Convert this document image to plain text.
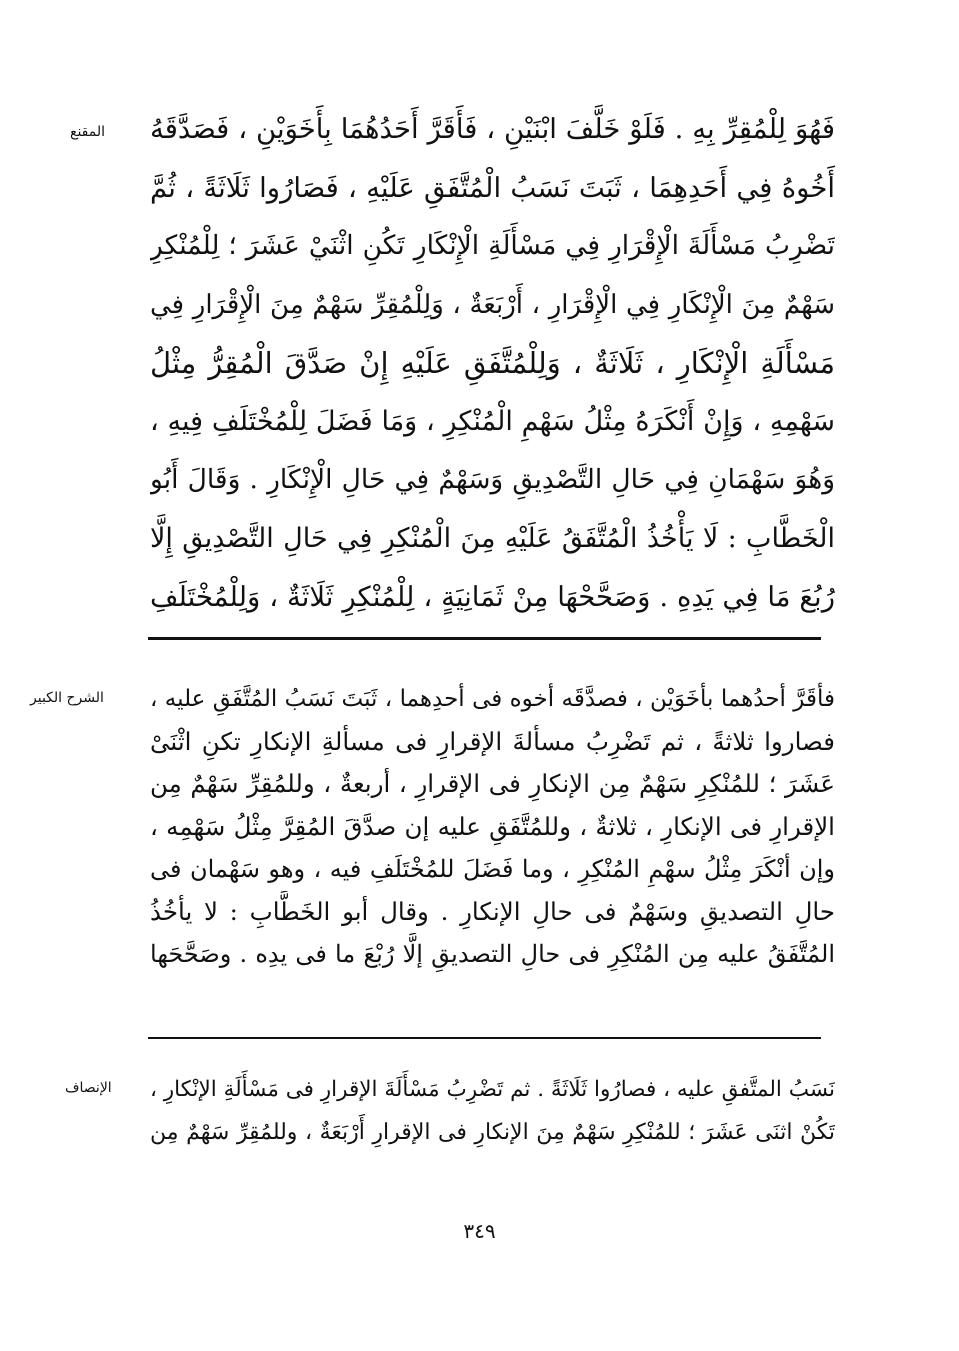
المقنع فَهُوَ لِلْمُقِرِّ بِهِ . فَلَوْ خَلَّفَ ابْنَيْنِ ، فَأَقَرَّ أَحَدُهُمَا بِأَخَوَيْنِ ، فَصَدَّقَهُ
أَخُوهُ فِي أَحَدِهِمَا ، ثَبَتَ نَسَبُ الْمُتَّفَقِ عَلَيْهِ ، فَصَارُوا ثَلَاثَةً ، ثُمَّ
تَضْرِبُ مَسْأَلَةَ الْإِقْرَارِ فِي مَسْأَلَةِ الْإِنْكَارِ تَكُنِ اثْنَيْ عَشَرَ ؛ لِلْمُنْكِرِ
سَهْمٌ مِنَ الْإِنْكَارِ فِي الْإِقْرَارِ ، أَرْبَعَةٌ ، وَلِلْمُقِرِّ سَهْمٌ مِنَ الْإِقْرَارِ فِي
مَسْأَلَةِ الْإِنْكَارِ ، ثَلَاثَةٌ ، وَلِلْمُتَّفَقِ عَلَيْهِ إِنْ صَدَّقَ الْمُقِرُّ مِثْلُ
سَهْمِهِ ، وَإِنْ أَنْكَرَهُ مِثْلُ سَهْمِ الْمُنْكِرِ ، وَمَا فَضَلَ لِلْمُخْتَلَفِ فِيهِ ،
وَهُوَ سَهْمَانِ فِي حَالِ التَّصْدِيقِ وَسَهْمٌ فِي حَالِ الْإِنْكَارِ . وَقَالَ أَبُو
الْخَطَّابِ : لَا يَأْخُذُ الْمُتَّفَقُ عَلَيْهِ مِنَ الْمُنْكِرِ فِي حَالِ التَّصْدِيقِ إِلَّا
رُبُعَ مَا فِي يَدِهِ . وَصَحَّحْهَا مِنْ ثَمَانِيَةٍ ، لِلْمُنْكِرِ ثَلَاثَةٌ ، وَلِلْمُخْتَلَفِ
الشرح الكبير فأقَرَّ أحدُهما بأخَوَيْن ، فصدَّقَه أخوه فى أحدِهما ، ثَبَتَ نَسَبُ المُتَّفَقِ عليه ،
فصاروا ثلاثةً ، ثم تَضْرِبُ مسألةَ الإقرارِ فى مسألةِ الإنكارِ تكنِ اثْنَىْ
عَشَرَ ؛ للمُنْكِرِ سَهْمٌ مِن الإنكارِ فى الإقرارِ ، أربعةٌ ، وللمُقِرِّ سَهْمٌ مِن
الإقرارِ فى الإنكارِ ، ثلاثةٌ ، وللمُتَّفَقِ عليه إن صدَّقَ المُقِرَّ مِثْلُ سَهْمِه ،
وإن أنْكَرَ مِثْلُ سهْمِ المُنْكِرِ ، وما فَضَلَ للمُخْتَلَفِ فيه ، وهو سَهْمان فى
حالِ التصديقِ وسَهْمٌ فى حالِ الإنكارِ . وقال أبو الخَطَّابِ : لا يأخُذُ
المُتَّفَقُ عليه مِن المُنْكِرِ فى حالِ التصديقِ إلَّا رُبْعَ ما فى يدِه . وصَحَّحَها
الإنصاف نَسَبُ المتَّفقِ عليه ، فصارُوا ثَلَاثَةً . ثم تَضْرِبُ مَسْأَلَةَ الإقرارِ فى مَسْأَلَةِ الإنْكارِ ،
تَكُنْ اثنَى عَشَرَ ؛ للمُنْكِرِ سَهْمٌ مِنَ الإنكارِ فى الإقرارِ أَرْبَعَةٌ ، وللمُقِرِّ سَهْمٌ مِن
٣٤٩
